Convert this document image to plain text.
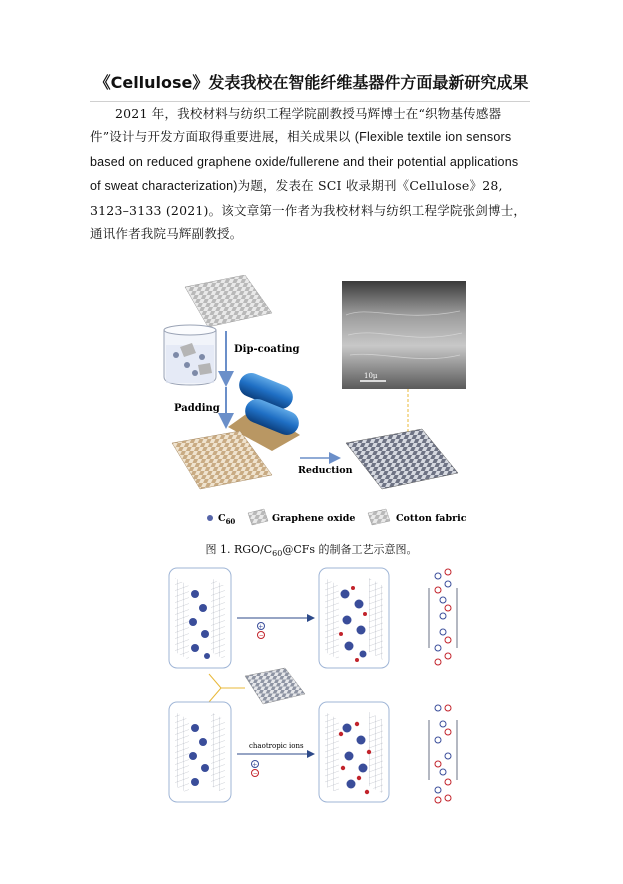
《Cellulose》发表我校在智能纤维基器件方面最新研究成果

2021 年，我校材料与纺织工程学院副教授马辉博士在“织物基传感器件”设计与开发方面取得重要进展，相关成果以 (Flexible textile ion sensors based on reduced graphene oxide/fullerene and their potential applications of sweat characterization)为题，发表在 SCI 收录期刊《Cellulose》28, 3123–3133 (2021)。该文章第一作者为我校材料与纺织工程学院张剑博士，通讯作者我院马辉副教授。

Dip-coating
Padding
Reduction
10μ
$C_{60}$	Graphene oxide	Cotton fabric
图 1. RGO/$C_{60}@CFs$ 的制备工艺示意图。
+
−
chaotropic ions
+
−
